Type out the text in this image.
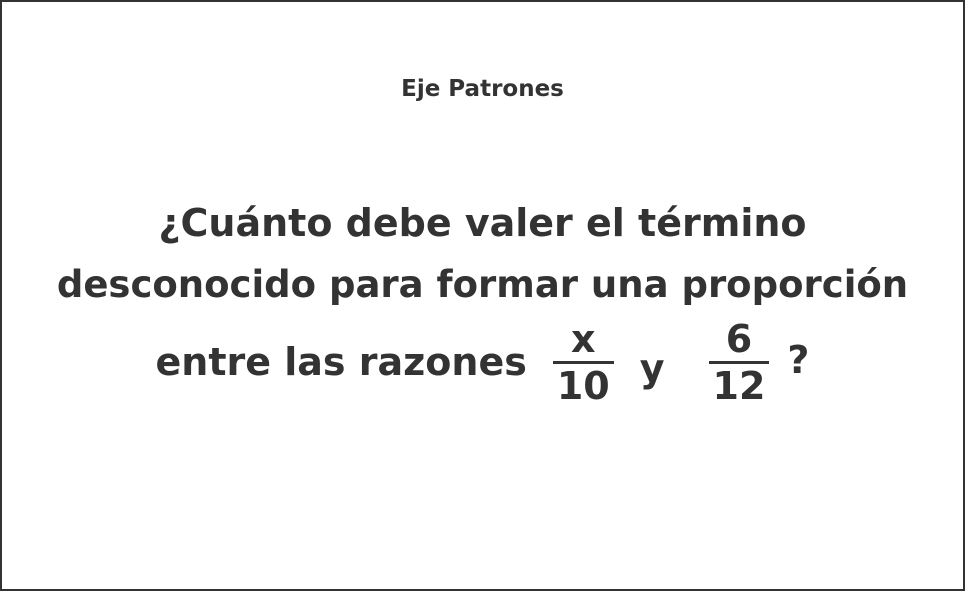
Eje Patrones
¿Cuánto debe valer el término
desconocido para formar una proporción
entre las razones $\frac{x}{10}$ y $\frac{6}{12}$ ?
